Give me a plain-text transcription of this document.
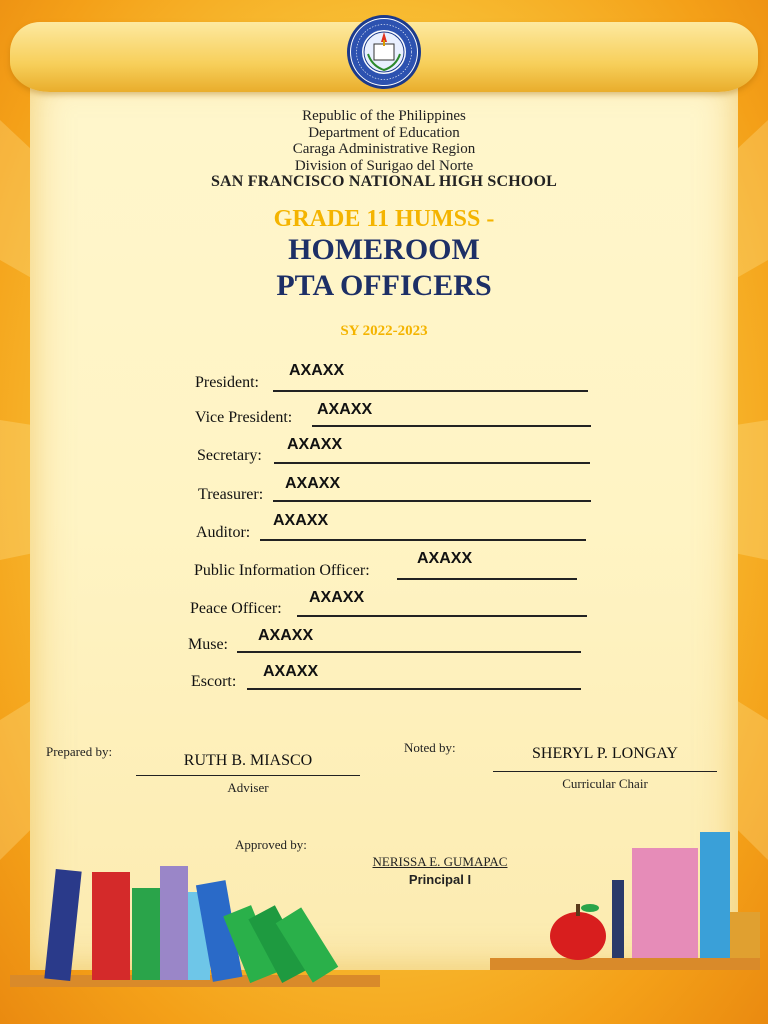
Republic of the Philippines
Department of Education
Caraga Administrative Region
Division of Surigao del Norte
SAN FRANCISCO NATIONAL HIGH SCHOOL
GRADE 11 HUMSS -
HOMEROOM
PTA OFFICERS
SY 2022-2023
President:
AXAXX
Vice President: AXAXX
Secretary:
AXAXX
Treasurer:
AXAXX
Auditor:
AXAXX
Public Information Officer:
AXAXX
Peace Officer:
AXAXX
Muse:
AXAXX
Escort:
AXAXX
Prepared by:
RUTH B. MIASCO
Adviser
Noted by:	SHERYL P. LONGAY
Curricular Chair
Approved by:
NERISSA E. GUMAPAC
Principal I
